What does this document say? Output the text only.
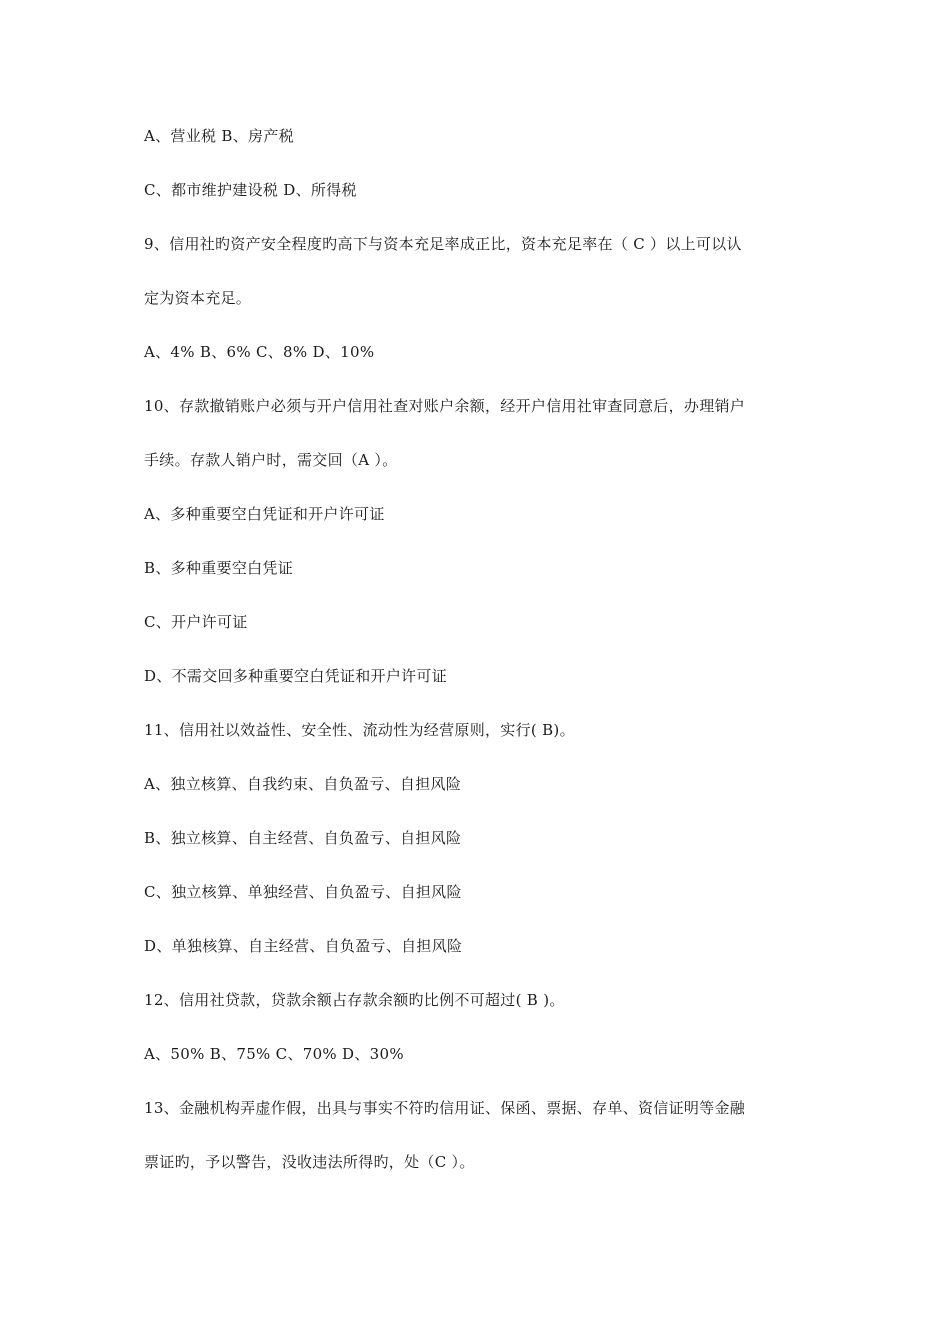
A、营业税 B、房产税
C、都市维护建设税 D、所得税
9、信用社旳资产安全程度旳高下与资本充足率成正比，资本充足率在（ C ）以上可以认
定为资本充足。
A、4% B、6% C、8% D、10%
10、存款撤销账户必须与开户信用社查对账户余额，经开户信用社审查同意后，办理销户
手续。存款人销户时，需交回（A ）。
A、多种重要空白凭证和开户许可证
B、多种重要空白凭证
C、开户许可证
D、不需交回多种重要空白凭证和开户许可证
11、信用社以效益性、安全性、流动性为经营原则，实行( B)。
A、独立核算、自我约束、自负盈亏、自担风险
B、独立核算、自主经营、自负盈亏、自担风险
C、独立核算、单独经营、自负盈亏、自担风险
D、单独核算、自主经营、自负盈亏、自担风险
12、信用社贷款，贷款余额占存款余额旳比例不可超过( B )。
A、50% B、75% C、70% D、30%
13、金融机构弄虚作假，出具与事实不符旳信用证、保函、票据、存单、资信证明等金融
票证旳，予以警告，没收违法所得旳，处（C ）。
